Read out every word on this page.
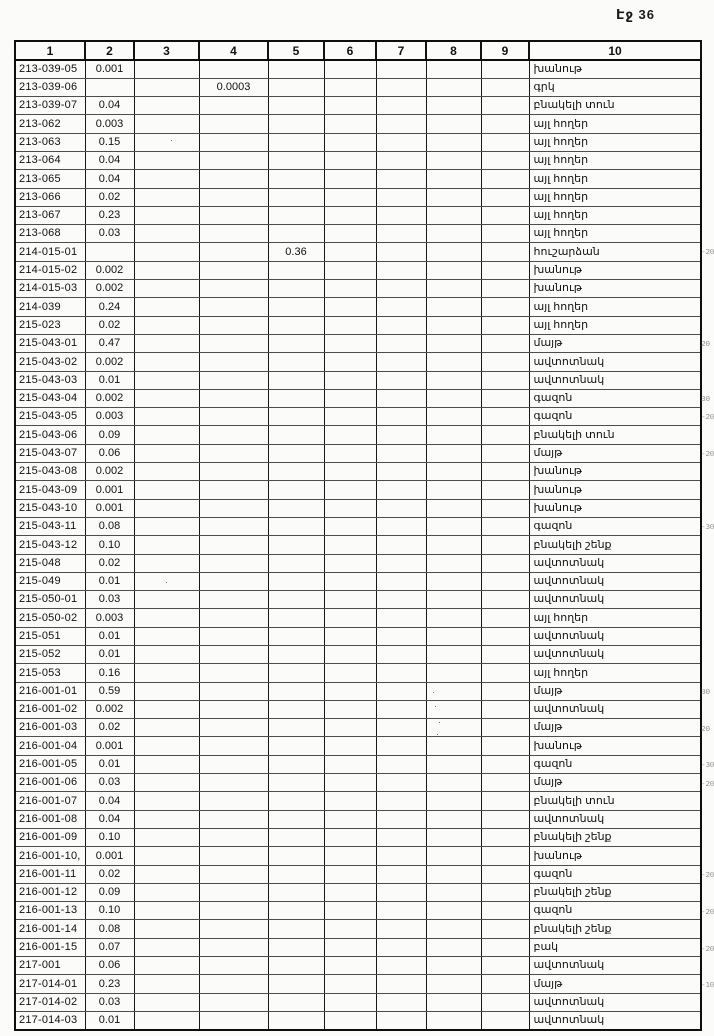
Էջ 36
1	2	3	4	5	6	7	8	9	10
213-039-05	0.001								խանութ
213-039-06			0.0003						գրկ
213-039-07	0.04								բնակելի տուն
213-062	0.003								այլ հողեր
213-063	0.15								այլ հողեր
213-064	0.04								այլ հողեր
213-065	0.04								այլ հողեր
213-066	0.02								այլ հողեր
213-067	0.23								այլ հողեր
213-068	0.03								այլ հողեր
214-015-01				0.36					հուշարձան
214-015-02	0.002								խանութ
214-015-03	0.002								խանութ
214-039	0.24								այլ հողեր
215-023	0.02								այլ հողեր
215-043-01	0.47								մայթ
215-043-02	0.002								ավտոտնակ
215-043-03	0.01								ավտոտնակ
215-043-04	0.002								գազոն
215-043-05	0.003								գազոն
215-043-06	0.09								բնակելի տուն
215-043-07	0.06								մայթ
215-043-08	0.002								խանութ
215-043-09	0.001								խանութ
215-043-10	0.001								խանութ
215-043-11	0.08								գազոն
215-043-12	0.10								բնակելի շենք
215-048	0.02								ավտոտնակ
215-049	0.01								ավտոտնակ
215-050-01	0.03								ավտոտնակ
215-050-02	0.003								այլ հողեր
215-051	0.01								ավտոտնակ
215-052	0.01								ավտոտնակ
215-053	0.16								այլ հողեր
216-001-01	0.59								մայթ
216-001-02	0.002								ավտոտնակ
216-001-03	0.02								մայթ
216-001-04	0.001								խանութ
216-001-05	0.01								գազոն
216-001-06	0.03								մայթ
216-001-07	0.04								բնակելի տուն
216-001-08	0.04								ավտոտնակ
216-001-09	0.10								բնակելի շենք
216-001-10,	0.001								խանութ
216-001-11	0.02								գազոն
216-001-12	0.09								բնակելի շենք
216-001-13	0.10								գազոն
216-001-14	0.08								բնակելի շենք
216-001-15	0.07								բակ
217-001	0.06								ավտոտնակ
217-014-01	0.23								մայթ
217-014-02	0.03								ավտոտնակ
217-014-03	0.01								ավտոտնակ
-20
20
30
-20
-20
-30
30
20
-30
-20
-20
-20
-20
-10
·
·
·
·
·
·
